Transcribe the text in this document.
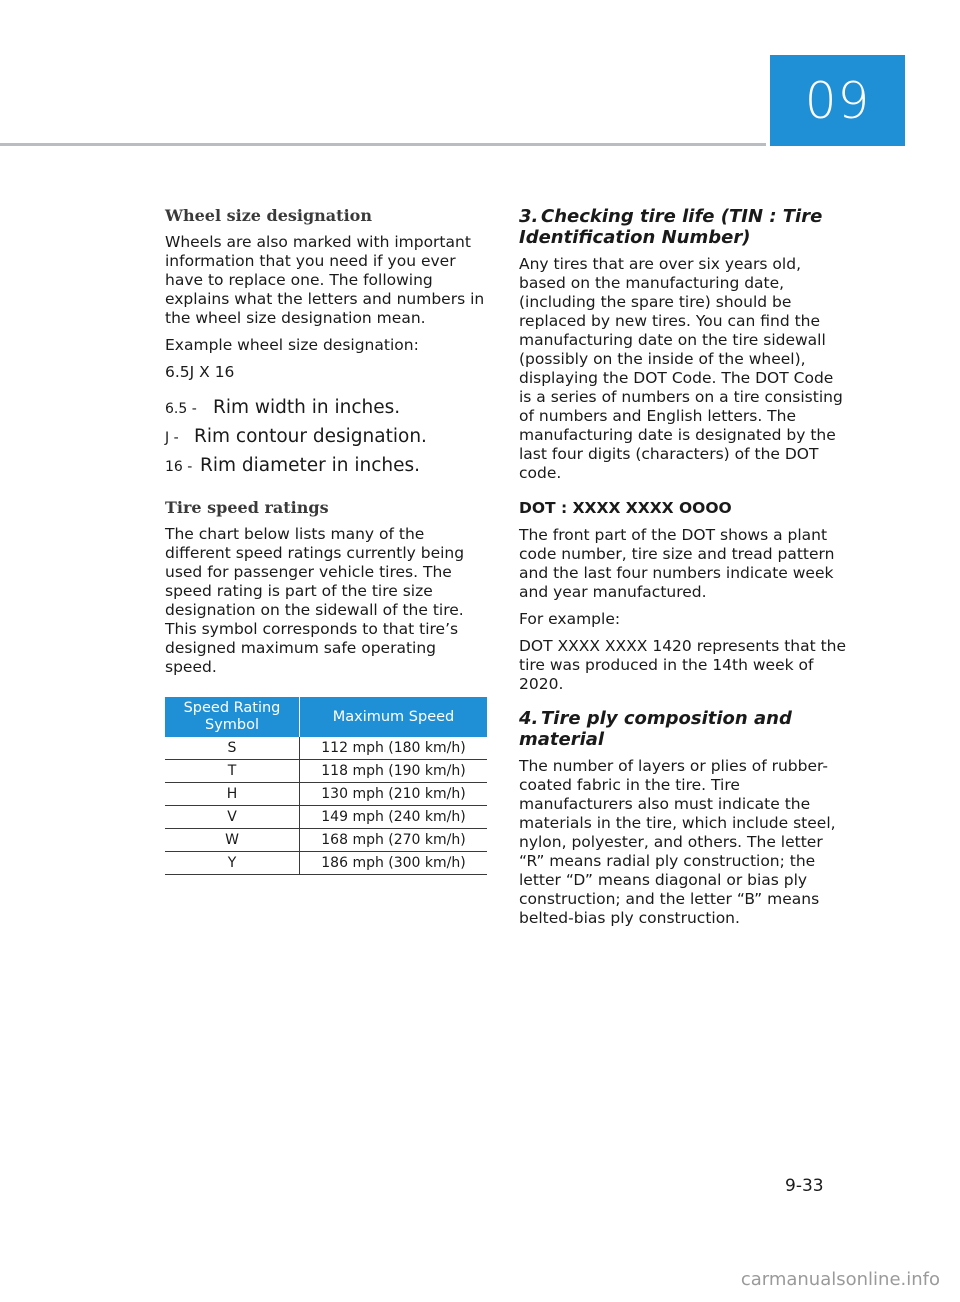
09
Wheel size designation

Wheels are also marked with important information that you need if you ever have to replace one. The following explains what the letters and numbers in the wheel size designation mean.

Example wheel size designation:

6.5J X 16

6.5 - Rim width in inches.
J - Rim contour designation.
16 - Rim diameter in inches.
Tire speed ratings

The chart below lists many of the different speed ratings currently being used for passenger vehicle tires. The speed rating is part of the tire size designation on the sidewall of the tire. This symbol corresponds to that tire’s designed maximum safe operating speed.

Speed Rating Symbol	Maximum Speed
S	112 mph (180 km/h)
T	118 mph (190 km/h)
H	130 mph (210 km/h)
V	149 mph (240 km/h)
W	168 mph (270 km/h)
Y	186 mph (300 km/h)
3. Checking tire life (TIN : Tire Identification Number)

Any tires that are over six years old, based on the manufacturing date, (including the spare tire) should be replaced by new tires. You can find the manufacturing date on the tire sidewall (possibly on the inside of the wheel), displaying the DOT Code. The DOT Code is a series of numbers on a tire consisting of numbers and English letters. The manufacturing date is designated by the last four digits (characters) of the DOT code.

DOT : XXXX XXXX OOOO

The front part of the DOT shows a plant code number, tire size and tread pattern and the last four numbers indicate week and year manufactured.

For example:

DOT XXXX XXXX 1420 represents that the tire was produced in the 14th week of 2020.

4. Tire ply composition and material

The number of layers or plies of rubber-coated fabric in the tire. Tire manufacturers also must indicate the materials in the tire, which include steel, nylon, polyester, and others. The letter “R” means radial ply construction; the letter “D” means diagonal or bias ply construction; and the letter “B” means belted-bias ply construction.

9-33
carmanualsonline.info
